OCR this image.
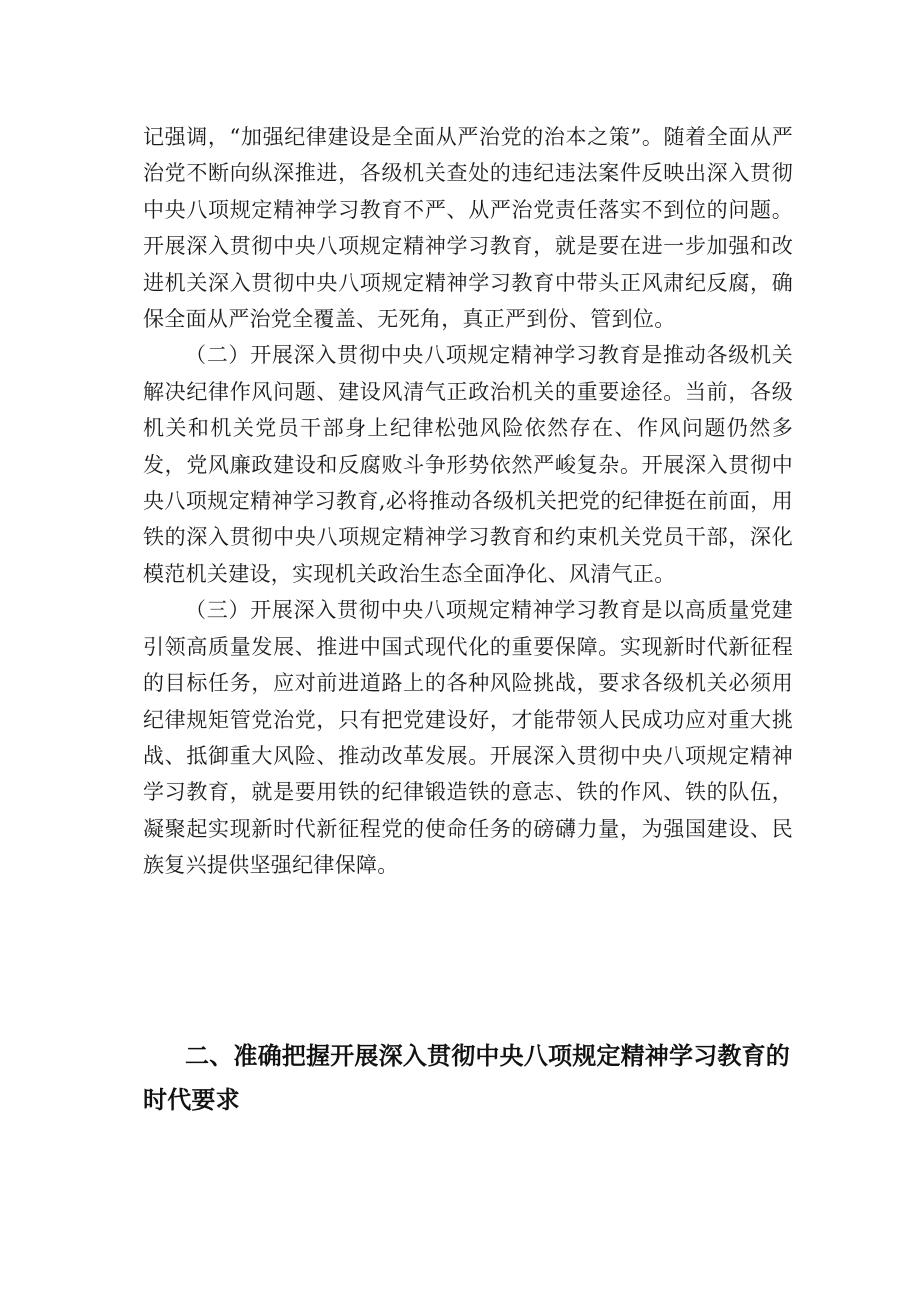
记强调，“加强纪律建设是全面从严治党的治本之策”。随着全面从严治党不断向纵深推进，各级机关查处的违纪违法案件反映出深入贯彻中央八项规定精神学习教育不严、从严治党责任落实不到位的问题。开展深入贯彻中央八项规定精神学习教育，就是要在进一步加强和改进机关深入贯彻中央八项规定精神学习教育中带头正风肃纪反腐，确保全面从严治党全覆盖、无死角，真正严到份、管到位。

（二）开展深入贯彻中央八项规定精神学习教育是推动各级机关解决纪律作风问题、建设风清气正政治机关的重要途径。当前，各级机关和机关党员干部身上纪律松弛风险依然存在、作风问题仍然多发，党风廉政建设和反腐败斗争形势依然严峻复杂。开展深入贯彻中央八项规定精神学习教育,必将推动各级机关把党的纪律挺在前面，用铁的深入贯彻中央八项规定精神学习教育和约束机关党员干部，深化模范机关建设，实现机关政治生态全面净化、风清气正。

（三）开展深入贯彻中央八项规定精神学习教育是以高质量党建引领高质量发展、推进中国式现代化的重要保障。实现新时代新征程的目标任务，应对前进道路上的各种风险挑战，要求各级机关必须用纪律规矩管党治党，只有把党建设好，才能带领人民成功应对重大挑战、抵御重大风险、推动改革发展。开展深入贯彻中央八项规定精神学习教育，就是要用铁的纪律锻造铁的意志、铁的作风、铁的队伍，凝聚起实现新时代新征程党的使命任务的磅礴力量，为强国建设、民族复兴提供坚强纪律保障。

二、准确把握开展深入贯彻中央八项规定精神学习教育的时代要求
